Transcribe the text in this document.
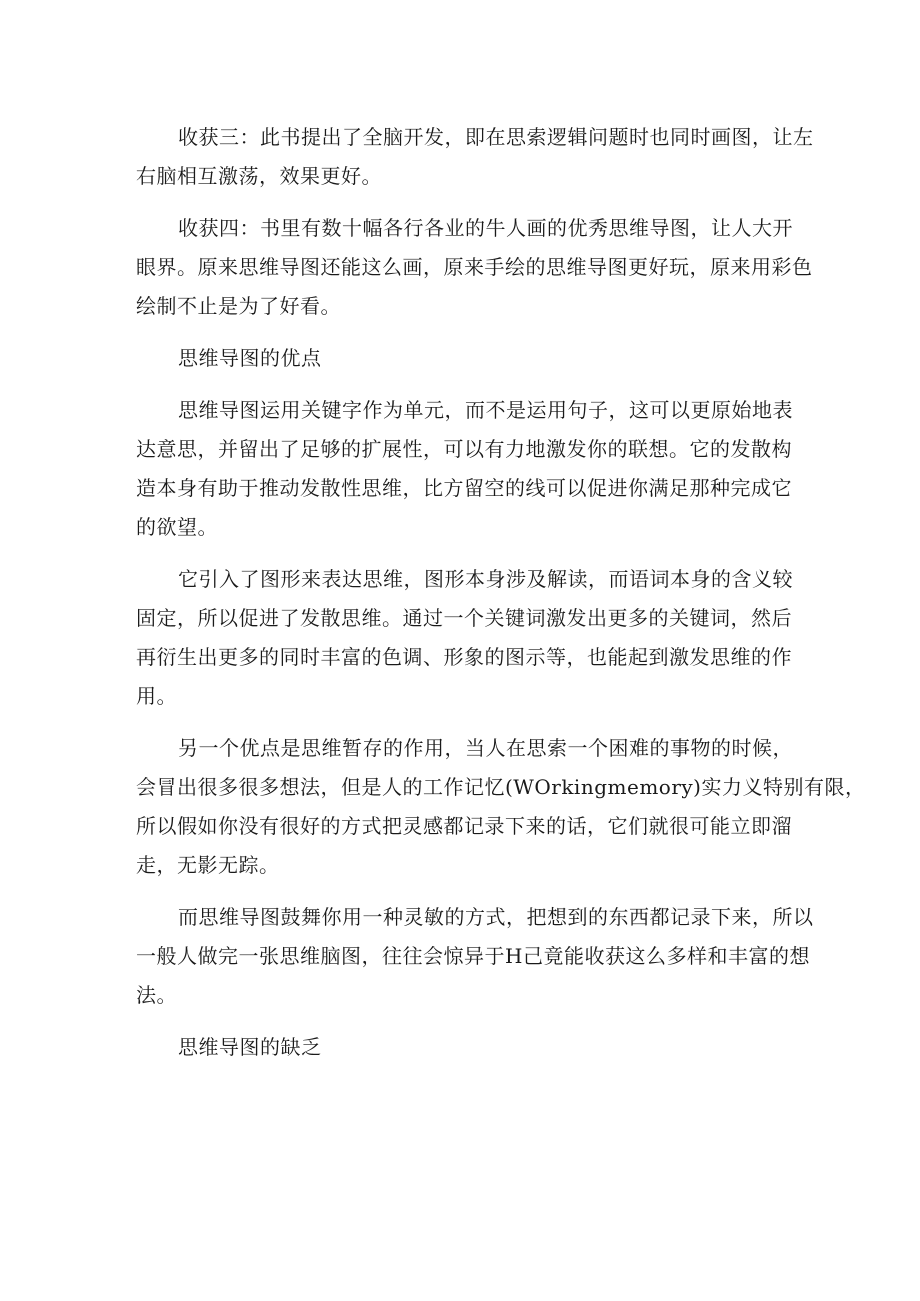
收获三：此书提出了全脑开发，即在思索逻辑问题时也同时画图，让左
右脑相互激荡，效果更好。
收获四：书里有数十幅各行各业的牛人画的优秀思维导图，让人大开
眼界。原来思维导图还能这么画，原来手绘的思维导图更好玩，原来用彩色
绘制不止是为了好看。
思维导图的优点
思维导图运用关键字作为单元，而不是运用句子，这可以更原始地表
达意思，并留出了足够的扩展性，可以有力地激发你的联想。它的发散构
造本身有助于推动发散性思维，比方留空的线可以促进你满足那种完成它
的欲望。
它引入了图形来表达思维，图形本身涉及解读，而语词本身的含义较
固定，所以促进了发散思维。通过一个关键词激发出更多的关键词，然后
再衍生出更多的同时丰富的色调、形象的图示等，也能起到激发思维的作
用。
另一个优点是思维暂存的作用，当人在思索一个困难的事物的时候，
会冒出很多很多想法，但是人的工作记忆(WOrkingmemory)实力义特别有限，
所以假如你没有很好的方式把灵感都记录下来的话，它们就很可能立即溜
走，无影无踪。
而思维导图鼓舞你用一种灵敏的方式，把想到的东西都记录下来，所以
一般人做完一张思维脑图，往往会惊异于H己竟能收获这么多样和丰富的想
法。
思维导图的缺乏
